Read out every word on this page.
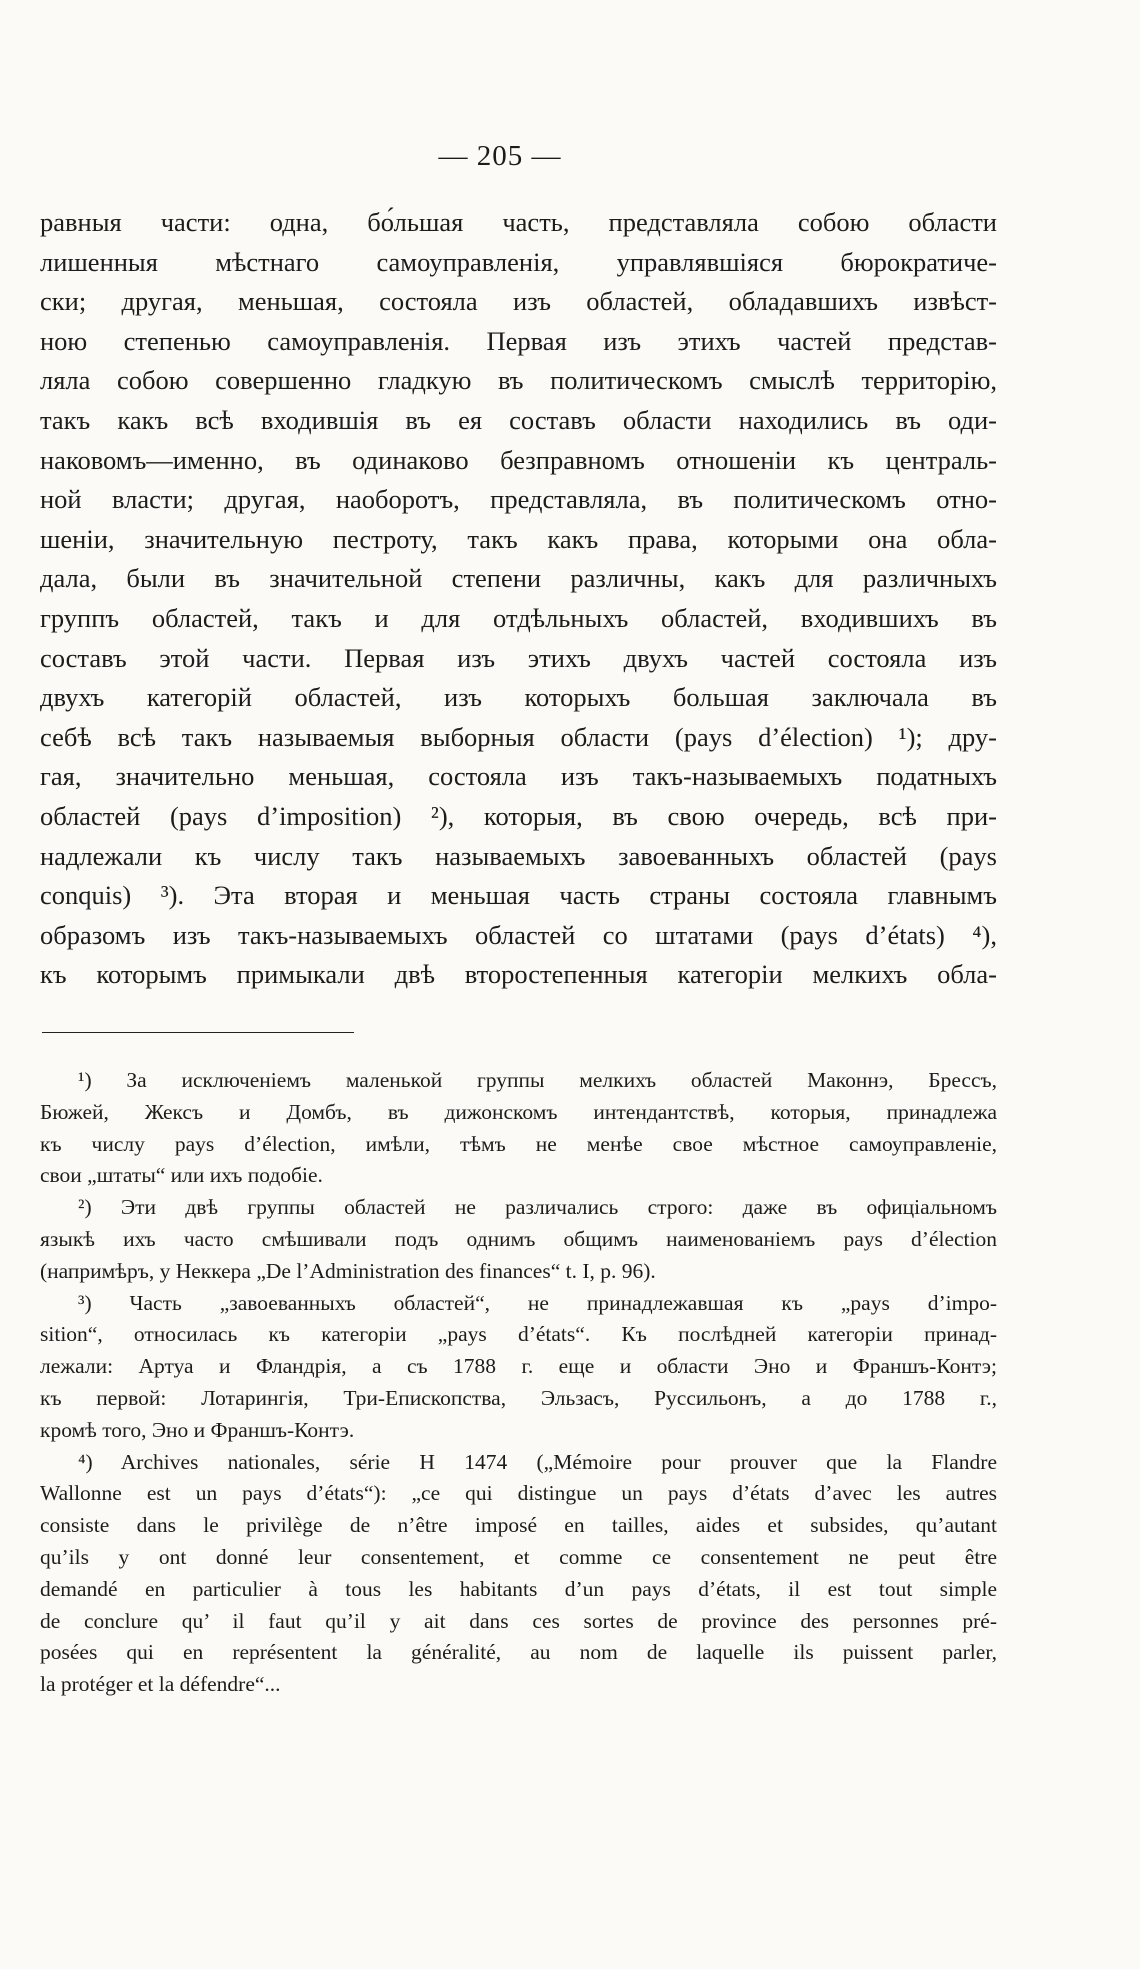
— 205 —
равныя части: одна, бо́льшая часть, представляла собою области
лишенныя мѣстнаго самоуправленія, управлявшіяся бюрократиче-
ски; другая, меньшая, состояла изъ областей, обладавшихъ извѣст-
ною степенью самоуправленія. Первая изъ этихъ частей представ-
ляла собою совершенно гладкую въ политическомъ смыслѣ территорію,
такъ какъ всѣ входившія въ ея составъ области находились въ оди-
наковомъ—именно, въ одинаково безправномъ отношеніи къ централь-
ной власти; другая, наоборотъ, представляла, въ политическомъ отно-
шеніи, значительную пестроту, такъ какъ права, которыми она обла-
дала, были въ значительной степени различны, какъ для различныхъ
группъ областей, такъ и для отдѣльныхъ областей, входившихъ въ
составъ этой части. Первая изъ этихъ двухъ частей состояла изъ
двухъ категорій областей, изъ которыхъ большая заключала въ
себѣ всѣ такъ называемыя выборныя области (pays d’élection) ¹); дру-
гая, значительно меньшая, состояла изъ такъ-называемыхъ податныхъ
областей (pays d’imposition) ²), которыя, въ свою очередь, всѣ при-
надлежали къ числу такъ называемыхъ завоеванныхъ областей (pays
conquis) ³). Эта вторая и меньшая часть страны состояла главнымъ
образомъ изъ такъ-называемыхъ областей со штатами (pays d’états) ⁴),
къ которымъ примыкали двѣ второстепенныя категоріи мелкихъ обла-
¹) За исключеніемъ маленькой группы мелкихъ областей Маконнэ, Брессъ,
Бюжей, Жексъ и Домбъ, въ дижонскомъ интендантствѣ, которыя, принадлежа
къ числу pays d’élection, имѣли, тѣмъ не менѣе свое мѣстное самоуправленіе,
свои „штаты“ или ихъ подобіе.
²) Эти двѣ группы областей не различались строго: даже въ офиціальномъ
языкѣ ихъ часто смѣшивали подъ однимъ общимъ наименованіемъ pays d’élection
(напримѣръ, у Неккера „De l’Administration des finances“ t. I, p. 96).
³) Часть „завоеванныхъ областей“, не принадлежавшая къ „pays d’impo-
sition“, относилась къ категоріи „pays d’états“. Къ послѣдней категоріи принад-
лежали: Артуа и Фландрія, а съ 1788 г. еще и области Эно и Франшъ-Контэ;
къ первой: Лотарингія, Три-Епископства, Эльзасъ, Руссильонъ, а до 1788 г.,
кромѣ того, Эно и Франшъ-Контэ.
⁴) Archives nationales, série H 1474 („Mémoire pour prouver que la Flandre
Wallonne est un pays d’états“): „ce qui distingue un pays d’états d’avec les autres
consiste dans le privilège de n’être imposé en tailles, aides et subsides, qu’autant
qu’ils y ont donné leur consentement, et comme ce consentement ne peut être
demandé en particulier à tous les habitants d’un pays d’états, il est tout simple
de conclure qu’ il faut qu’il y ait dans ces sortes de province des personnes pré-
posées qui en représentent la généralité, au nom de laquelle ils puissent parler,
la protéger et la défendre“...
